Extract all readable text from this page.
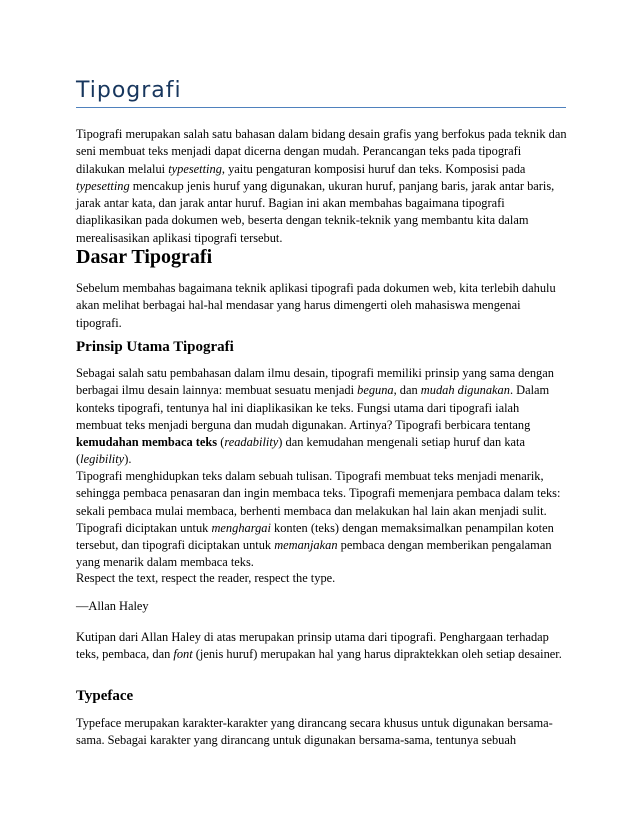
Tipografi

Tipografi merupakan salah satu bahasan dalam bidang desain grafis yang berfokus pada teknik dan seni membuat teks menjadi dapat dicerna dengan mudah. Perancangan teks pada tipografi dilakukan melalui typesetting, yaitu pengaturan komposisi huruf dan teks. Komposisi pada typesetting mencakup jenis huruf yang digunakan, ukuran huruf, panjang baris, jarak antar baris, jarak antar kata, dan jarak antar huruf. Bagian ini akan membahas bagaimana tipografi diaplikasikan pada dokumen web, beserta dengan teknik-teknik yang membantu kita dalam merealisasikan aplikasi tipografi tersebut.

Dasar Tipografi

Sebelum membahas bagaimana teknik aplikasi tipografi pada dokumen web, kita terlebih dahulu akan melihat berbagai hal-hal mendasar yang harus dimengerti oleh mahasiswa mengenai tipografi.

Prinsip Utama Tipografi

Sebagai salah satu pembahasan dalam ilmu desain, tipografi memiliki prinsip yang sama dengan berbagai ilmu desain lainnya: membuat sesuatu menjadi beguna, dan mudah digunakan. Dalam konteks tipografi, tentunya hal ini diaplikasikan ke teks. Fungsi utama dari tipografi ialah membuat teks menjadi berguna dan mudah digunakan. Artinya? Tipografi berbicara tentang kemudahan membaca teks (readability) dan kemudahan mengenali setiap huruf dan kata (legibility).

Tipografi menghidupkan teks dalam sebuah tulisan. Tipografi membuat teks menjadi menarik, sehingga pembaca penasaran dan ingin membaca teks. Tipografi memenjara pembaca dalam teks: sekali pembaca mulai membaca, berhenti membaca dan melakukan hal lain akan menjadi sulit. Tipografi diciptakan untuk menghargai konten (teks) dengan memaksimalkan penampilan koten tersebut, dan tipografi diciptakan untuk memanjakan pembaca dengan memberikan pengalaman yang menarik dalam membaca teks.

Respect the text, respect the reader, respect the type.

—Allan Haley

Kutipan dari Allan Haley di atas merupakan prinsip utama dari tipografi. Penghargaan terhadap teks, pembaca, dan font (jenis huruf) merupakan hal yang harus dipraktekkan oleh setiap desainer.

Typeface

Typeface merupakan karakter-karakter yang dirancang secara khusus untuk digunakan bersama-sama. Sebagai karakter yang dirancang untuk digunakan bersama-sama, tentunya sebuah
